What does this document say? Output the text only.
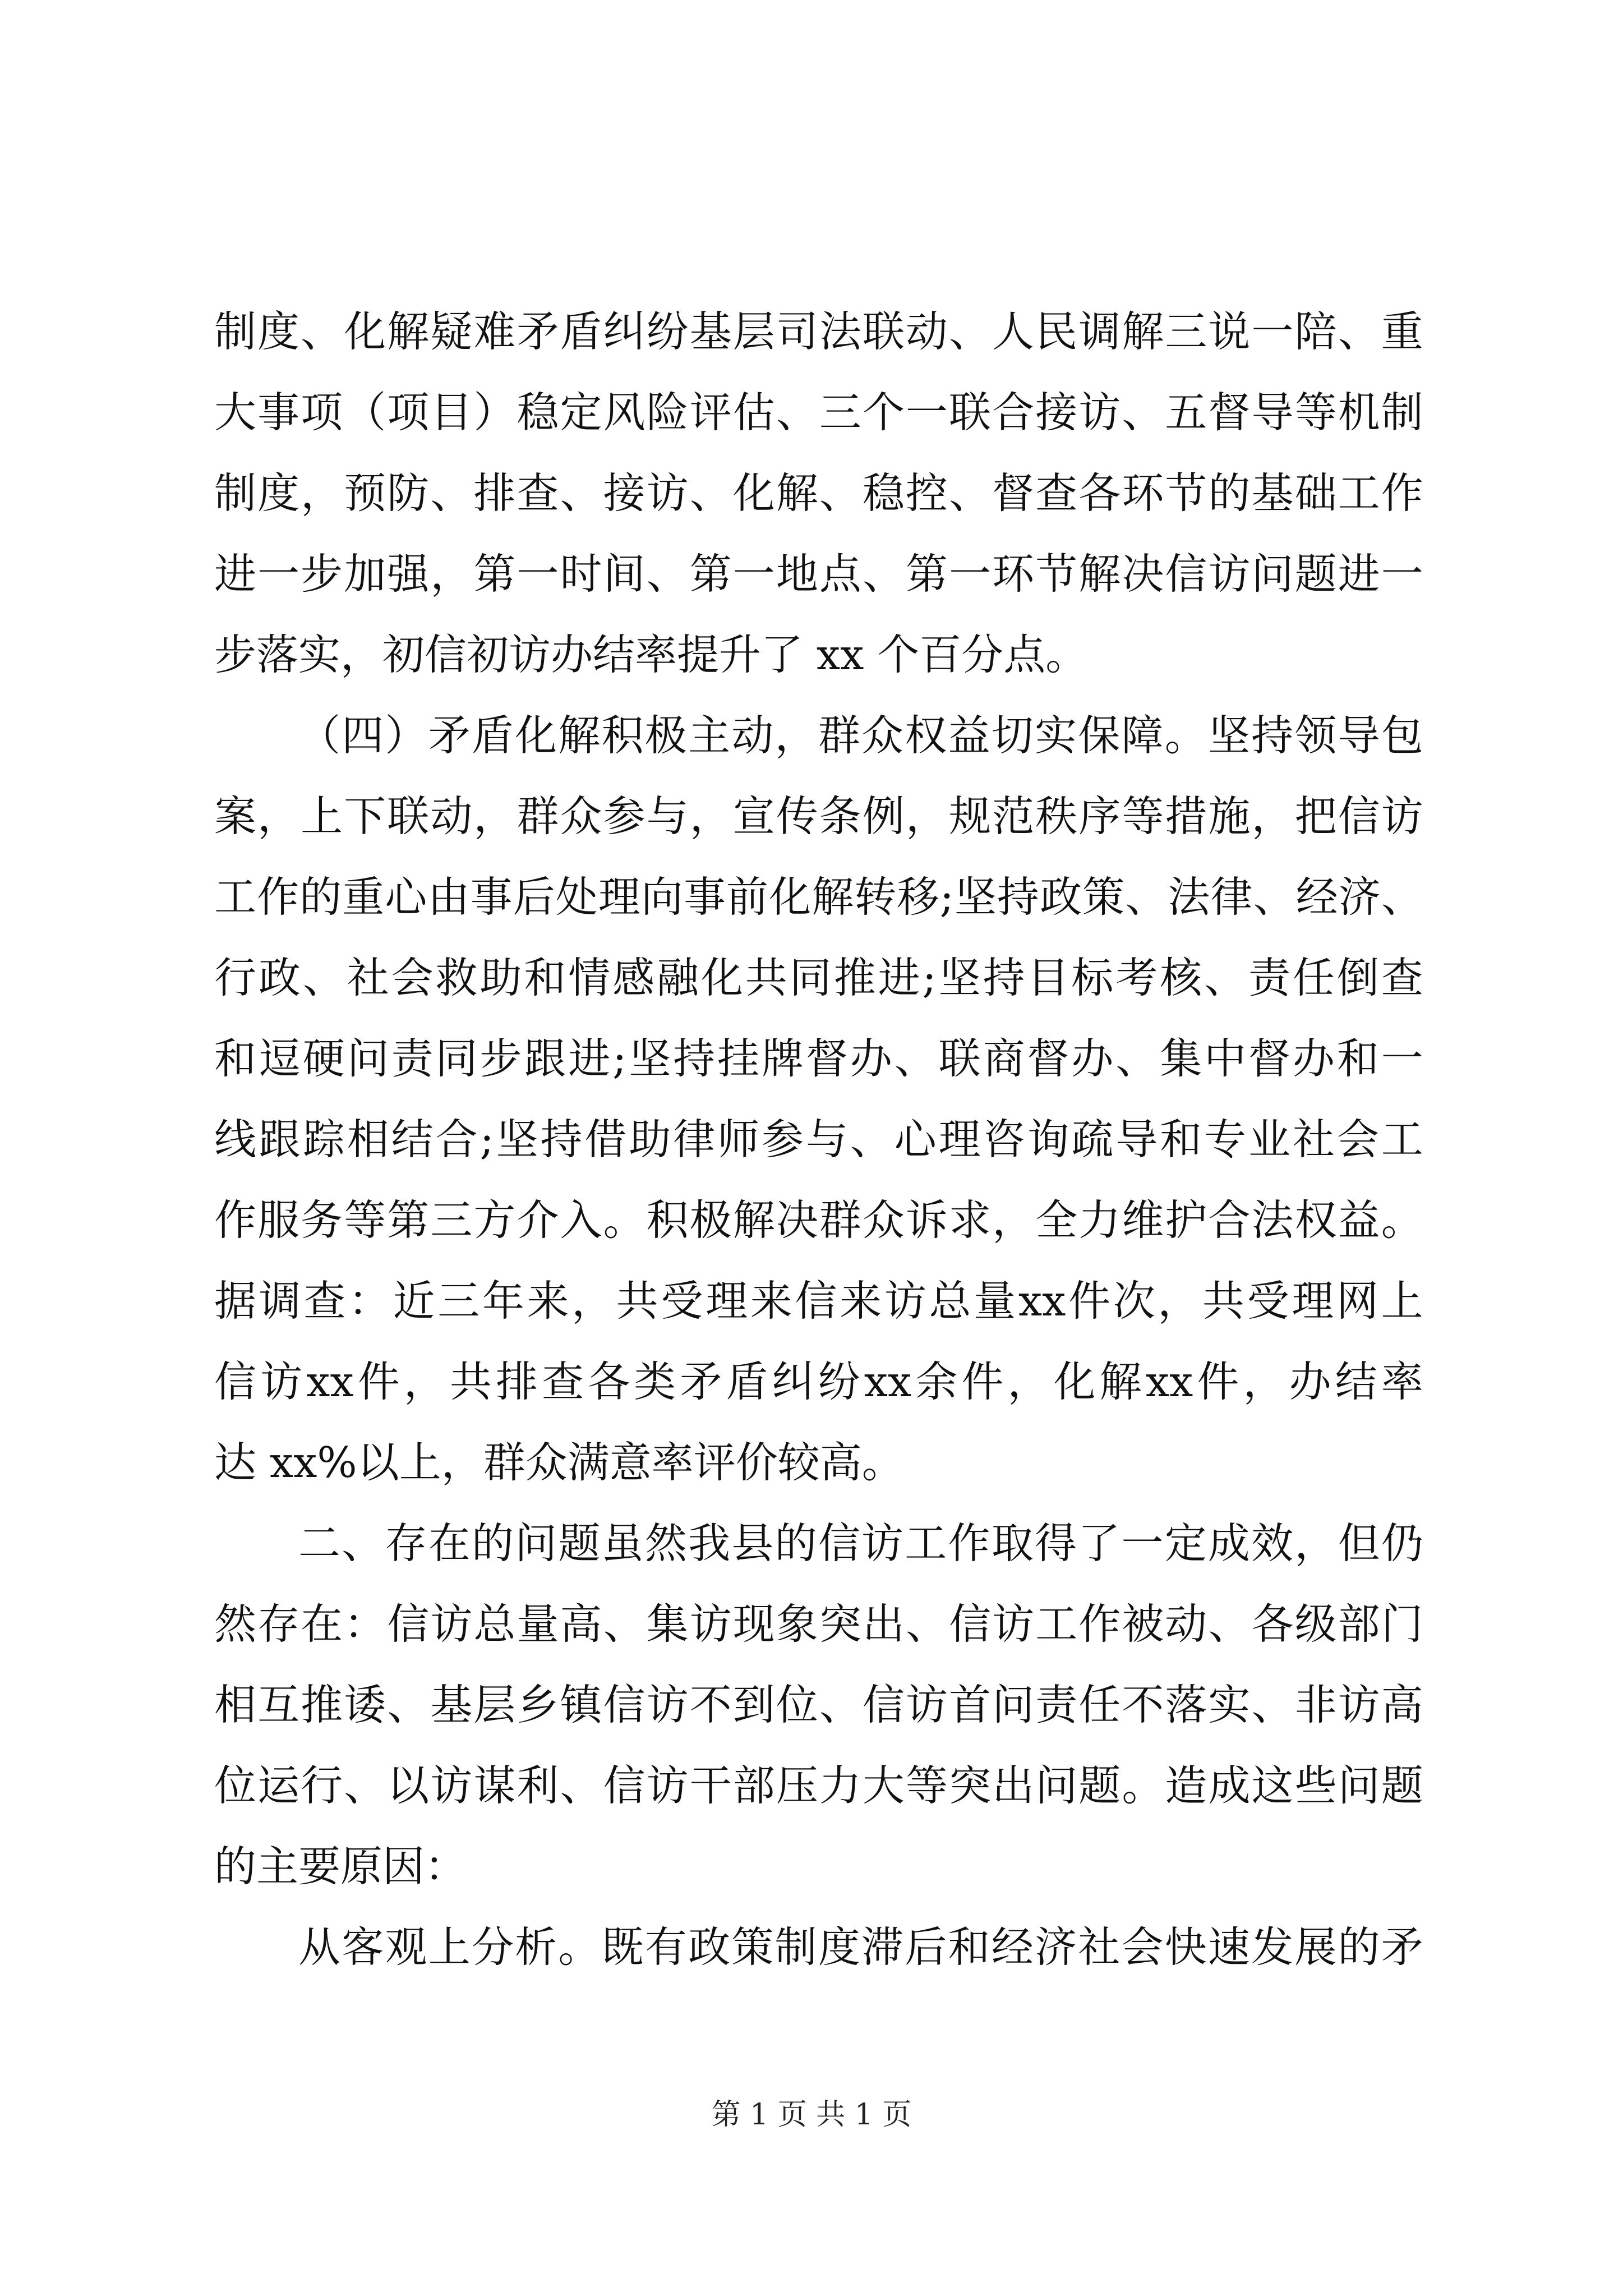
制 度 、 化 解 疑 难 矛 盾 纠 纷 基 层 司 法 联 动 、 人 民 调 解 三 说 一 陪 、 重
大 事 项 （ 项 目 ） 稳 定 风 险 评 估 、 三 个 一 联 合 接 访 、 五 督 导 等 机 制
制 度 ， 预 防 、 排 查 、 接 访 、 化 解 、 稳 控 、 督 查 各 环 节 的 基 础 工 作
进 一 步 加 强 ， 第 一 时 间 、 第 一 地 点 、 第 一 环 节 解 决 信 访 问 题 进 一
步落实，初信初访办结率提升了 xx 个百分点。
（ 四 ） 矛 盾 化 解 积 极 主 动 ， 群 众 权 益 切 实 保 障 。 坚 持 领 导 包
案 ， 上 下 联 动 ， 群 众 参 与 ， 宣 传 条 例 ， 规 范 秩 序 等 措 施 ， 把 信 访
工 作 的 重 心 由 事 后 处 理 向 事 前 化 解 转 移 ; 坚 持 政 策 、 法 律 、 经 济 、
行 政 、 社 会 救 助 和 情 感 融 化 共 同 推 进 ; 坚 持 目 标 考 核 、 责 任 倒 查
和 逗 硬 问 责 同 步 跟 进 ; 坚 持 挂 牌 督 办 、 联 商 督 办 、 集 中 督 办 和 一
线 跟 踪 相 结 合 ; 坚 持 借 助 律 师 参 与 、 心 理 咨 询 疏 导 和 专 业 社 会 工
作 服 务 等 第 三 方 介 入 。 积 极 解 决 群 众 诉 求 ， 全 力 维 护 合 法 权 益 。
据 调 查 ： 近 三 年 来 ， 共 受 理 来 信 来 访 总 量 xx 件 次 ， 共 受 理 网 上
信 访 xx 件 ， 共 排 查 各 类 矛 盾 纠 纷 xx 余 件 ， 化 解 xx 件 ， 办 结 率
达 xx%以上，群众满意率评价较高。
二 、 存 在 的 问 题 虽 然 我 县 的 信 访 工 作 取 得 了 一 定 成 效 ， 但 仍
然 存 在 ： 信 访 总 量 高 、 集 访 现 象 突 出 、 信 访 工 作 被 动 、 各 级 部 门
相 互 推 诿 、 基 层 乡 镇 信 访 不 到 位 、 信 访 首 问 责 任 不 落 实 、 非 访 高
位 运 行 、 以 访 谋 利 、 信 访 干 部 压 力 大 等 突 出 问 题 。 造 成 这 些 问 题
的主要原因：
从 客 观 上 分 析 。 既 有 政 策 制 度 滞 后 和 经 济 社 会 快 速 发 展 的 矛
第 1 页 共 1 页
